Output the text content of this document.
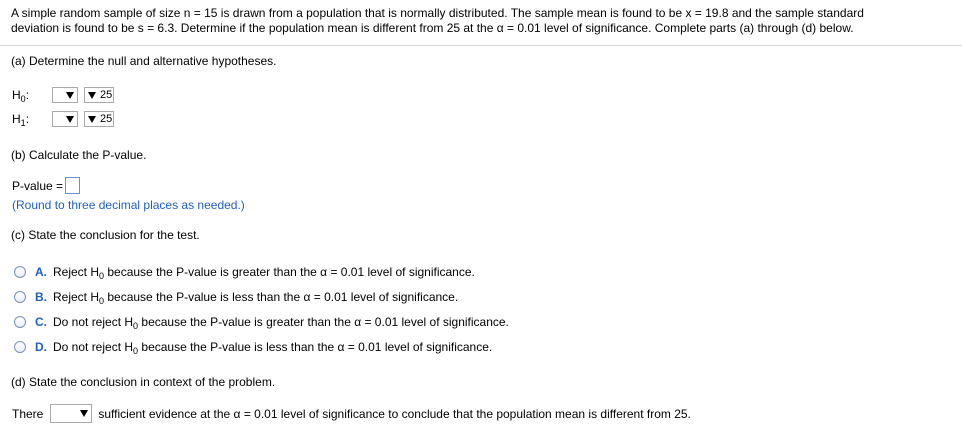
A simple random sample of size n = 15 is drawn from a population that is normally distributed. The sample mean is found to be x = 19.8 and the sample standard
deviation is found to be s = 6.3. Determine if the population mean is different from 25 at the α = 0.01 level of significance. Complete parts (a) through (d) below.
(a) Determine the null and alternative hypotheses.
$H_0$:	25
$H_1$:	25
(b) Calculate the P-value.
P-value =
(Round to three decimal places as needed.)
(c) State the conclusion for the test.
A. Reject $H_0$ because the P-value is greater than the α = 0.01 level of significance.
B. Reject $H_0$ because the P-value is less than the α = 0.01 level of significance.
C. Do not reject $H_0$ because the P-value is greater than the α = 0.01 level of significance.
D. Do not reject $H_0$ because the P-value is less than the α = 0.01 level of significance.
(d) State the conclusion in context of the problem.
There	sufficient evidence at the α = 0.01 level of significance to conclude that the population mean is different from 25.
